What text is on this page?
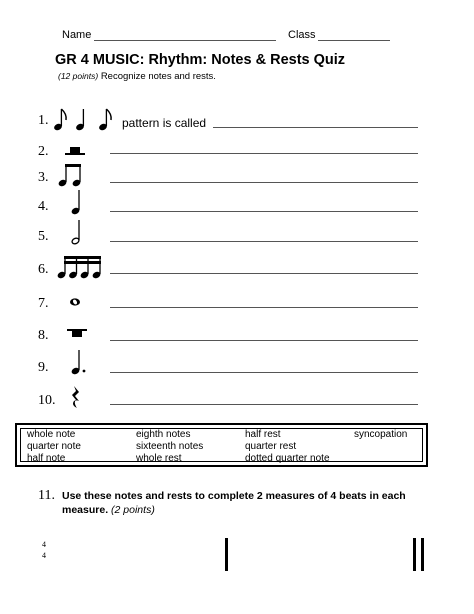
Name	Class
GR 4 MUSIC: Rhythm: Notes & Rests Quiz
(12 points) Recognize notes and rests.
1.	pattern is called
2.
3.
4.
5.
6.
7.
8.
9.
10.
whole note	eighth notes	half rest	syncopation
quarter note	sixteenth notes	quarter rest
half note	whole rest	dotted quarter note
11. Use these notes and rests to complete 2 measures of 4 beats in each measure. (2 points)
4
4
